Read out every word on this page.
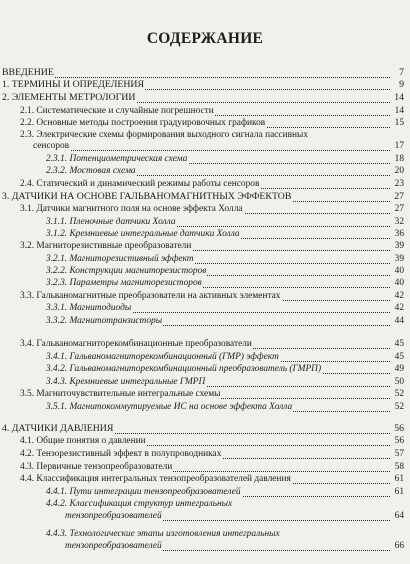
СОДЕРЖАНИЕ
ВВЕДЕНИЕ	7
1. ТЕРМИНЫ И ОПРЕДЕЛЕНИЯ	9
2. ЭЛЕМЕНТЫ МЕТРОЛОГИИ	14
2.1. Систематические и случайные погрешности	14
2.2. Основные методы построения градуировочных графиков	15
2.3. Электрические схемы формирования выходного сигнала пассивных
сенсоров	17
2.3.1. Потенциометрическая схема	18
2.3.2. Мостовая схема	20
2.4. Статический и динамический режимы работы сенсоров	23
3. ДАТЧИКИ НА ОСНОВЕ ГАЛЬВАНОМАГНИТНЫХ ЭФФЕКТОВ	27
3.1. Датчики магнитного поля на основе эффекта Холла	27
3.1.1. Пленочные датчики Холла	32
3.1.2. Кремниевые интегральные датчики Холла	36
3.2. Магниторезистивные преобразователи	39
3.2.1. Магниторезистивный эффект	39
3.2.2. Конструкции магниторезисторов	40
3.2.3. Параметры магниторезисторов	40
3.3. Гальваномагнитные преобразователи на активных элементах	42
3.3.1. Магнитодиоды	42
3.3.2. Магнитотранзисторы	44
3.4. Гальваномагниторекомбинационные преобразователи	45
3.4.1. Гальваномагниторекомбинационный (ГМР) эффект	45
3.4.2. Гальваномагниторекомбинационный преобразователь (ГМРП)	49
3.4.3. Кремниевые интегральные ГМРП	50
3.5. Магниточувствительные интегральные схемы	52
3.5.1. Магнитокоммутируемые ИС на основе эффекта Холла	52
4. ДАТЧИКИ ДАВЛЕНИЯ	56
4.1. Общие понятия о давлении	56
4.2. Тензорезистивный эффект в полупроводниках	57
4.3. Первичные тензопреобразователи	58
4.4. Классификация интегральных тензопреобразователей давления	61
4.4.1. Пути интеграции тензопреобразователей	61
4.4.2. Классификация структур интегральных
тензопреобразователей	64
4.4.3. Технологические этапы изготовления интегральных
тензопреобразователей	66
